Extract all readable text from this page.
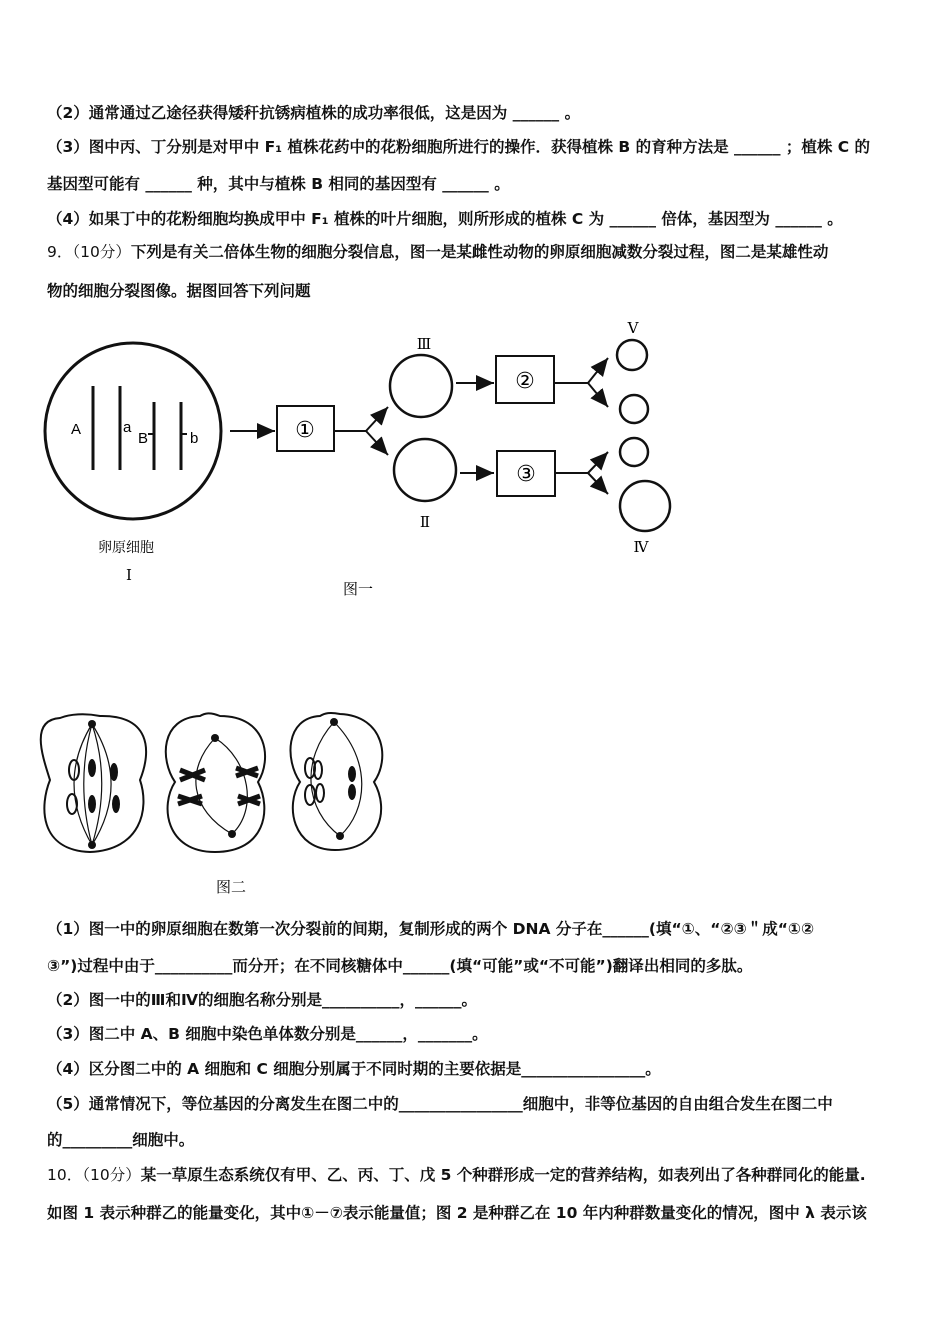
（2）通常通过乙途径获得矮秆抗锈病植株的成功率很低，这是因为 ______ 。
（3）图中丙、丁分别是对甲中 F₁ 植株花药中的花粉细胞所进行的操作．获得植株 B 的育种方法是 ______ ；植株 C 的
基因型可能有 ______ 种，其中与植株 B 相同的基因型有 ______ 。
（4）如果丁中的花粉细胞均换成甲中 F₁ 植株的叶片细胞，则所形成的植株 C 为 ______ 倍体，基因型为 ______ 。
9．（10分）下列是有关二倍体生物的细胞分裂信息，图一是某雌性动物的卵原细胞减数分裂过程，图二是某雄性动
物的细胞分裂图像。据图回答下列问题
A	a
B	b	①
Ⅲ
Ⅱ
②
③
Ⅴ
Ⅳ
卵原细胞
Ⅰ
图一
图二
（1）图一中的卵原细胞在数第一次分裂前的间期，复制形成的两个 DNA 分子在______(填“①、“②③＂成“①②
③”)过程中由于__________而分开；在不同核糖体中______(填“可能”或“不可能”)翻译出相同的多肽。
（2）图一中的Ⅲ和Ⅳ的细胞名称分别是__________，______。
（3）图二中 A、B 细胞中染色单体数分别是______，_______。
（4）区分图二中的 A 细胞和 C 细胞分别属于不同时期的主要依据是________________。
（5）通常情况下，等位基因的分离发生在图二中的________________细胞中，非等位基因的自由组合发生在图二中
的_________细胞中。
10．（10分）某一草原生态系统仅有甲、乙、丙、丁、戊 5 个种群形成一定的营养结构，如表列出了各种群同化的能量.
如图 1 表示种群乙的能量变化，其中①－⑦表示能量值；图 2 是种群乙在 10 年内种群数量变化的情况，图中 λ 表示该
